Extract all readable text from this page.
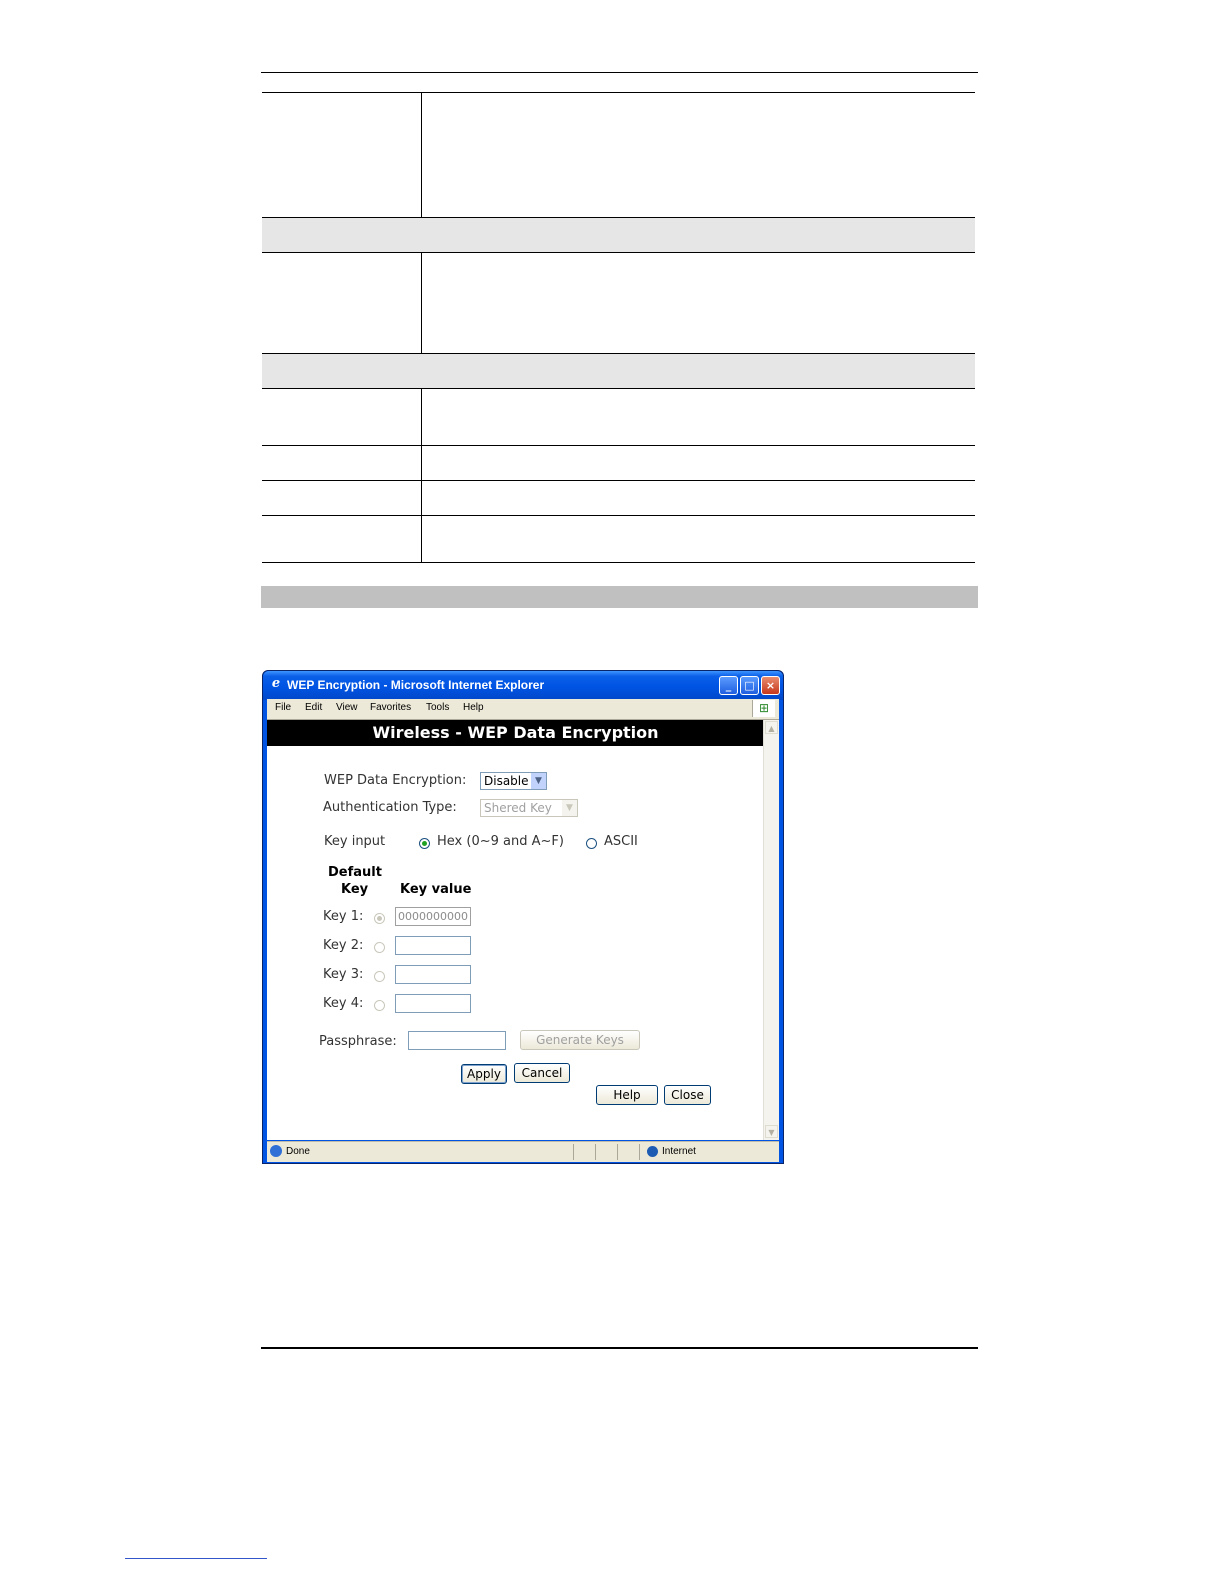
e WEP Encryption - Microsoft Internet Explorer	_	□	×
File Edit View Favorites Tools Help	⊞
Wireless - WEP Data Encryption
WEP Data Encryption:	Disable ▼
Authentication Type:	Shered Key	▼
Key input	Hex (0~9 and A~F)	ASCII
Default
Key Key value
Key 1:	0000000000
Key 2:
Key 3:
Key 4:
Passphrase:	Generate Keys
Apply	Cancel
Help	Close
▲
▼
Done	Internet
